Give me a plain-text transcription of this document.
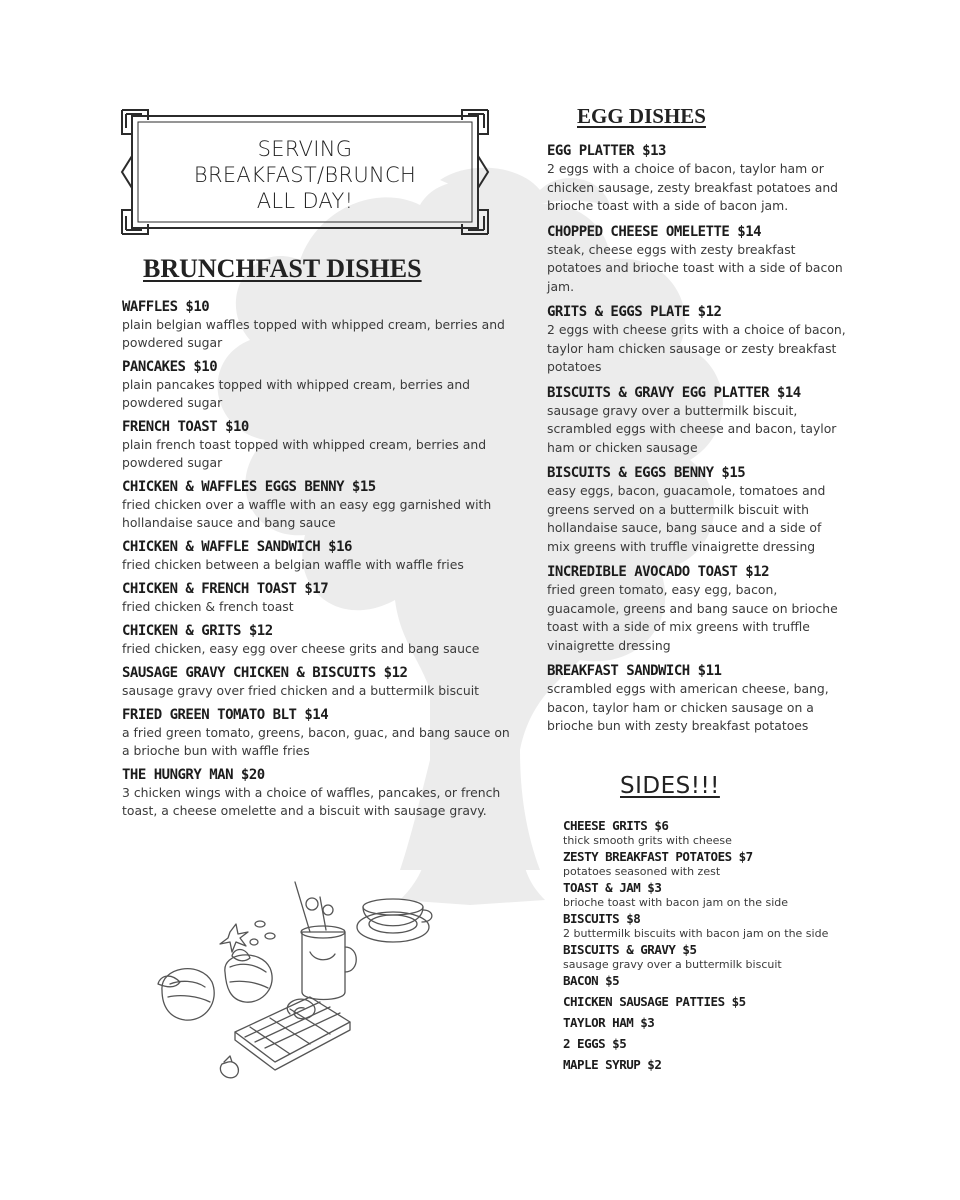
SERVING
BREAKFAST/BRUNCH
ALL DAY!
BRUNCHFAST DISHES
WAFFLES $10
plain belgian waffles topped with whipped cream, berries and powdered sugar
PANCAKES $10
plain pancakes topped with whipped cream, berries and powdered sugar
FRENCH TOAST $10
plain french toast topped with whipped cream, berries and powdered sugar
CHICKEN & WAFFLES EGGS BENNY $15
fried chicken over a waffle with an easy egg garnished with hollandaise sauce and bang sauce
CHICKEN & WAFFLE SANDWICH $16
fried chicken between a belgian waffle with waffle fries
CHICKEN & FRENCH TOAST $17
fried chicken & french toast
CHICKEN & GRITS $12
fried chicken, easy egg over cheese grits and bang sauce
SAUSAGE GRAVY CHICKEN & BISCUITS $12
sausage gravy over fried chicken and a buttermilk biscuit
FRIED GREEN TOMATO BLT $14
a fried green tomato, greens, bacon, guac, and bang sauce on a brioche bun with waffle fries
THE HUNGRY MAN $20
3 chicken wings with a choice of waffles, pancakes, or french toast, a cheese omelette and a biscuit with sausage gravy.
EGG DISHES
EGG PLATTER $13
2 eggs with a choice of bacon, taylor ham or chicken sausage, zesty breakfast potatoes and brioche toast with a side of bacon jam.
CHOPPED CHEESE OMELETTE $14
steak, cheese eggs with zesty breakfast potatoes and brioche toast with a side of bacon jam.
GRITS & EGGS PLATE $12
2 eggs with cheese grits with a choice of bacon, taylor ham chicken sausage or zesty breakfast potatoes
BISCUITS & GRAVY EGG PLATTER $14
sausage gravy over a buttermilk biscuit, scrambled eggs with cheese and bacon, taylor ham or chicken sausage
BISCUITS & EGGS BENNY $15
easy eggs, bacon, guacamole, tomatoes and greens served on a buttermilk biscuit with hollandaise sauce, bang sauce and a side of mix greens with truffle vinaigrette dressing
INCREDIBLE AVOCADO TOAST $12
fried green tomato, easy egg, bacon, guacamole, greens and bang sauce on brioche toast with a side of mix greens with truffle vinaigrette dressing
BREAKFAST SANDWICH $11
scrambled eggs with american cheese, bang, bacon, taylor ham or chicken sausage on a brioche bun with zesty breakfast potatoes
SIDES!!!
CHEESE GRITS $6
thick smooth grits with cheese
ZESTY BREAKFAST POTATOES $7
potatoes seasoned with zest
TOAST & JAM $3
brioche toast with bacon jam on the side
BISCUITS $8
2 buttermilk biscuits with bacon jam on the side
BISCUITS & GRAVY $5
sausage gravy over a buttermilk biscuit
BACON $5
CHICKEN SAUSAGE PATTIES $5
TAYLOR HAM $3
2 EGGS $5
MAPLE SYRUP $2
